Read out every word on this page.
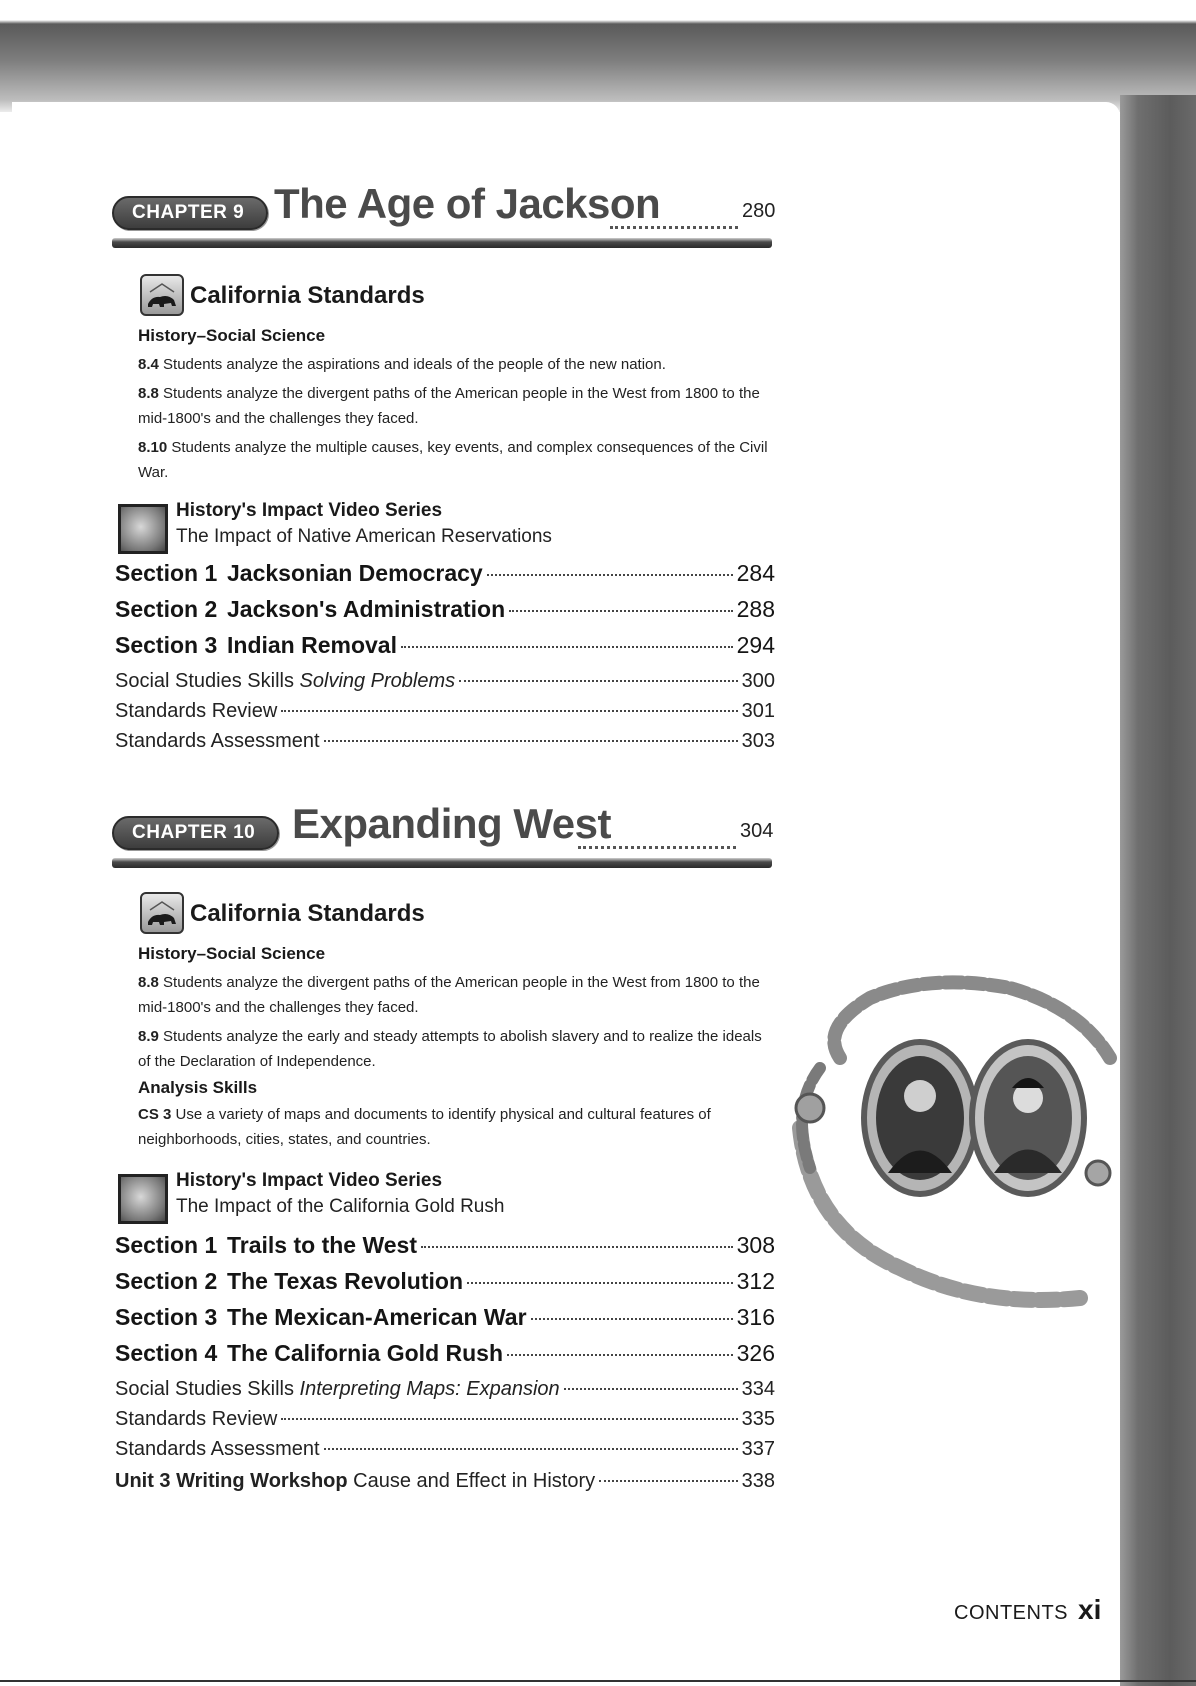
CHAPTER 9 The Age of Jackson	280
California Standards

History–Social Science

8.4 Students analyze the aspirations and ideals of the people of the new nation.

8.8 Students analyze the divergent paths of the American people in the West from 1800 to the mid-1800's and the challenges they faced.

8.10 Students analyze the multiple causes, key events, and complex consequences of the Civil War.

History's Impact Video Series
The Impact of Native American Reservations
Section 1 Jacksonian Democracy	284
Section 2 Jackson's Administration	288
Section 3 Indian Removal	294
Social Studies Skills Solving Problems	300
Standards Review	301
Standards Assessment	303
CHAPTER 10 Expanding West	304
California Standards

History–Social Science

8.8 Students analyze the divergent paths of the American people in the West from 1800 to the mid-1800's and the challenges they faced.

8.9 Students analyze the early and steady attempts to abolish slavery and to realize the ideals of the Declaration of Independence.

Analysis Skills

CS 3 Use a variety of maps and documents to identify physical and cultural features of neighborhoods, cities, states, and countries.

History's Impact Video Series
The Impact of the California Gold Rush
Section 1 Trails to the West	308
Section 2 The Texas Revolution	312
Section 3 The Mexican-American War	316
Section 4 The California Gold Rush	326
Social Studies Skills Interpreting Maps: Expansion	334
Standards Review	335
Standards Assessment	337
Unit 3 Writing Workshop Cause and Effect in History	338
CONTENTS xi
